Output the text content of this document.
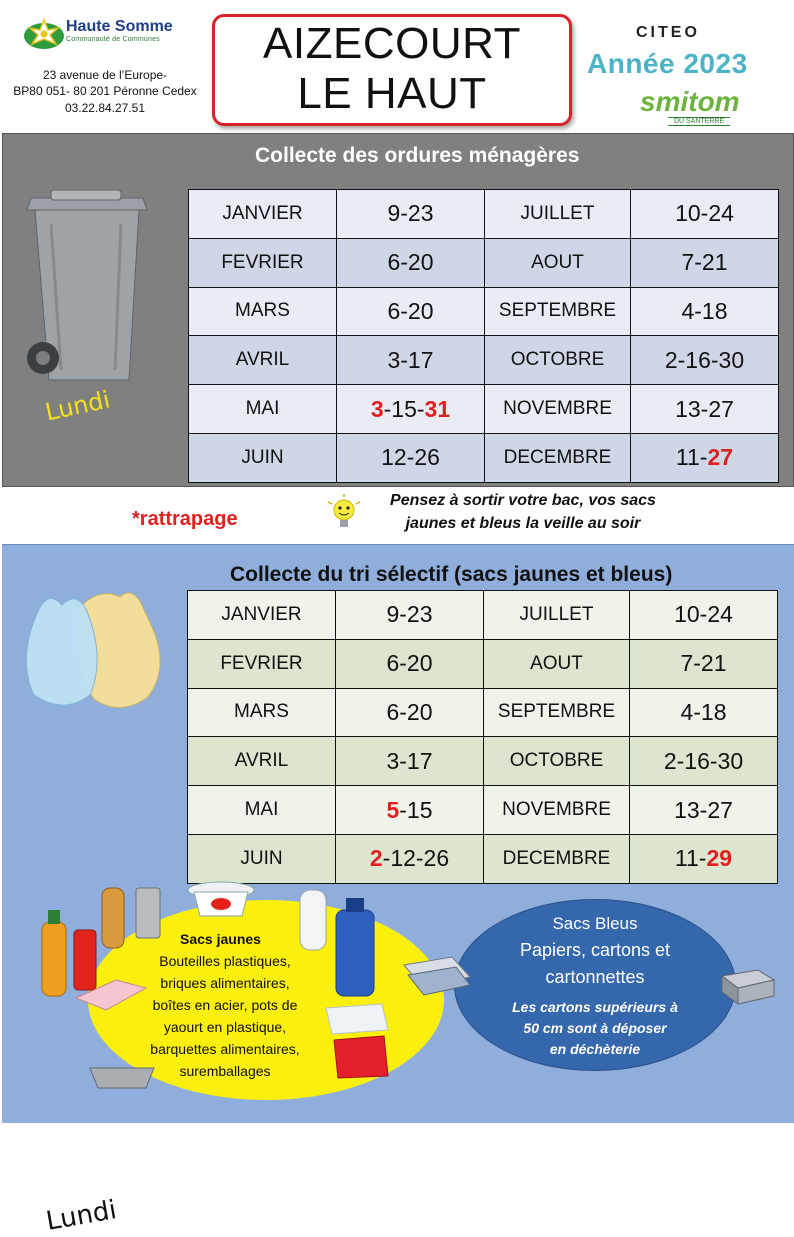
Haute Somme
Communauté de Communes
23 avenue de l’Europe-
BP80 051- 80 201 Péronne Cedex
03.22.84.27.51
AIZECOURT
LE HAUT
CITEO
Année 2023
smitom
DU SANTERRE
Collecte des ordures ménagères
Lundi
JANVIER	9-23	JUILLET	10-24
FEVRIER	6-20	AOUT	7-21
MARS	6-20	SEPTEMBRE	4-18
AVRIL	3-17	OCTOBRE	2-16-30
MAI	3-15-31	NOVEMBRE	13-27
JUIN	12-26	DECEMBRE	11-27
*rattrapage
Pensez à sortir votre bac, vos sacs
jaunes et bleus la veille au soir
Collecte du tri sélectif (sacs jaunes et bleus)
Lundi
JANVIER	9-23	JUILLET	10-24
FEVRIER	6-20	AOUT	7-21
MARS	6-20	SEPTEMBRE	4-18
AVRIL	3-17	OCTOBRE	2-16-30
MAI	5-15	NOVEMBRE	13-27
JUIN	2-12-26	DECEMBRE	11-29
Sacs jaunes
Bouteilles plastiques,
briques alimentaires,
boîtes en acier, pots de
yaourt en plastique,
barquettes alimentaires,
suremballages
Sacs Bleus
Papiers, cartons et
cartonnettes
Les cartons supérieurs à
50 cm sont à déposer
en déchèterie
